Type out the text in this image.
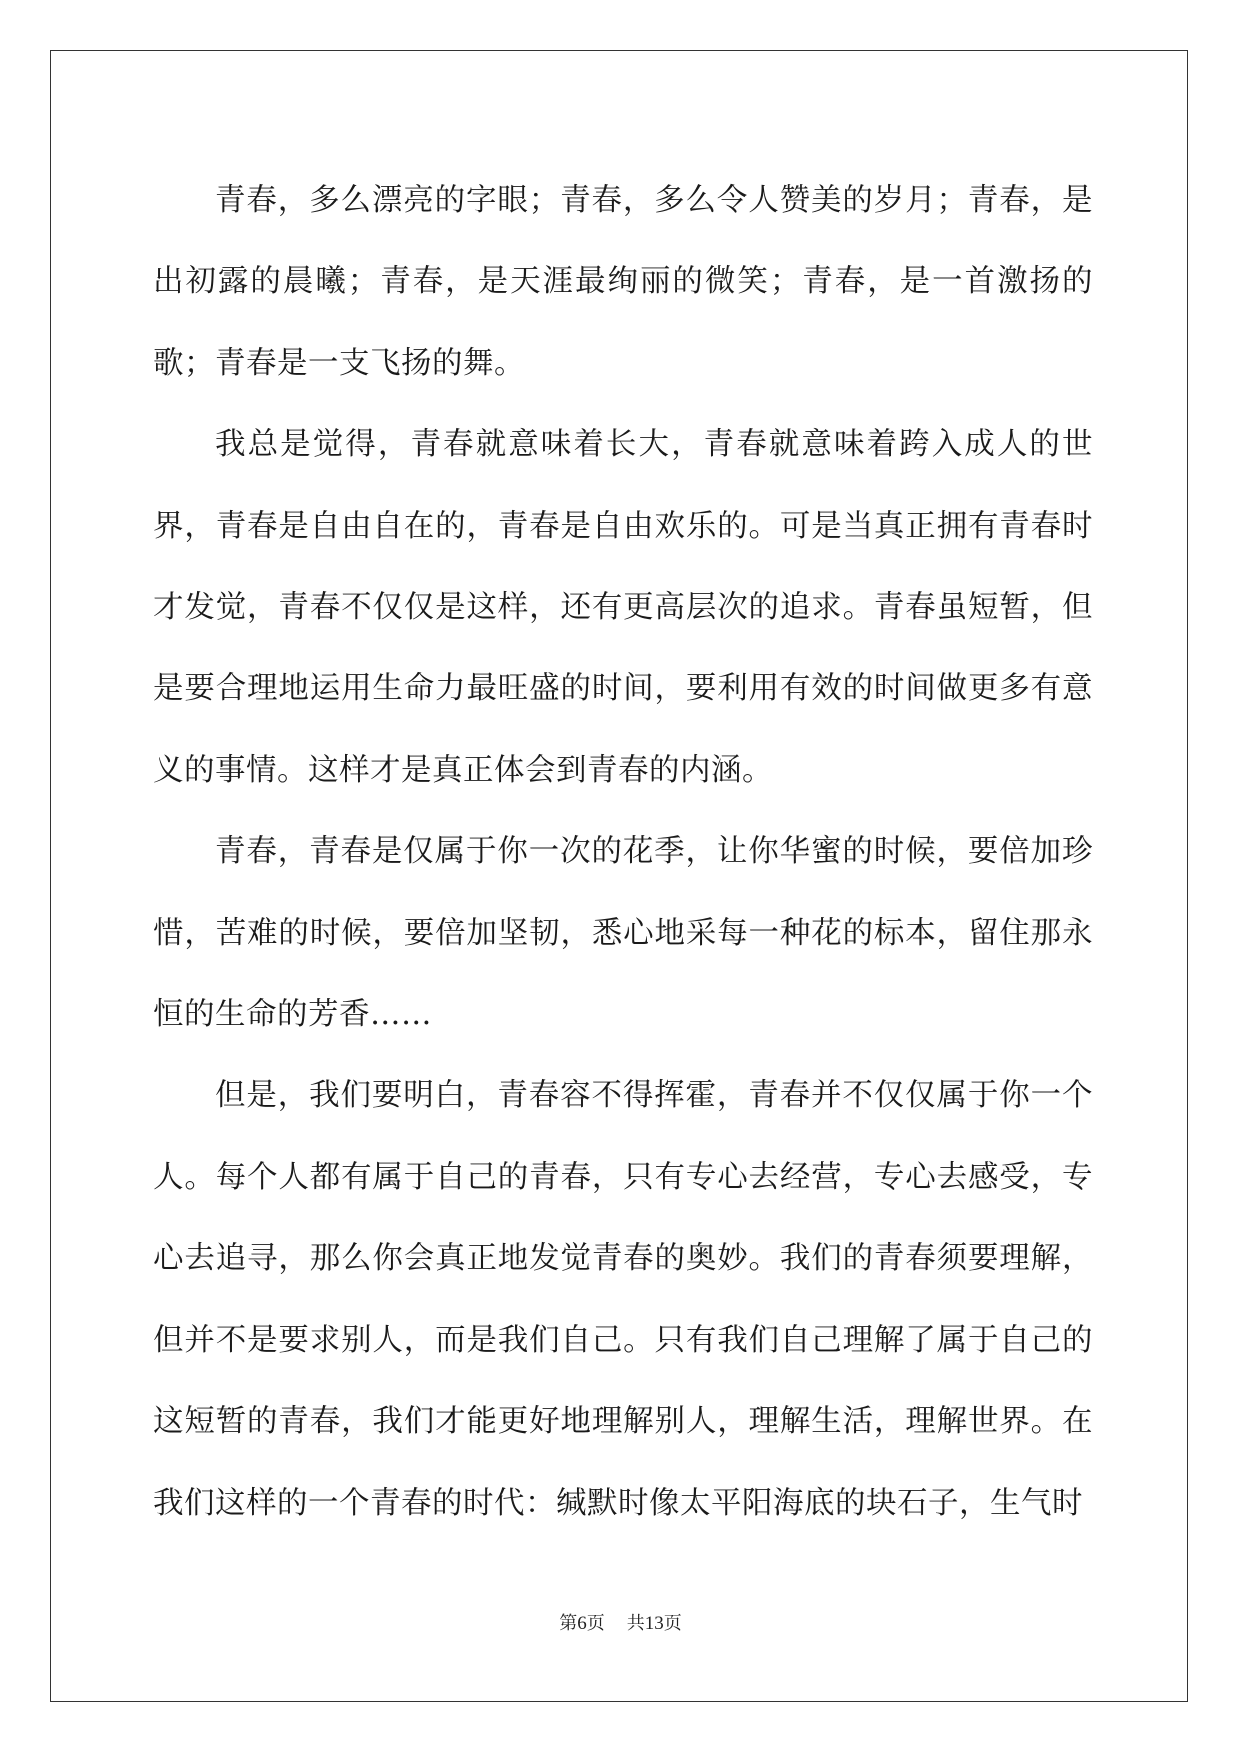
青春，多么漂亮的字眼；青春，多么令人赞美的岁月；青春，是出初露的晨曦；青春，是天涯最绚丽的微笑；青春，是一首激扬的歌；青春是一支飞扬的舞。

我总是觉得，青春就意味着长大，青春就意味着跨入成人的世界，青春是自由自在的，青春是自由欢乐的。可是当真正拥有青春时才发觉，青春不仅仅是这样，还有更高层次的追求。青春虽短暂，但是要合理地运用生命力最旺盛的时间，要利用有效的时间做更多有意义的事情。这样才是真正体会到青春的内涵。

青春，青春是仅属于你一次的花季，让你华蜜的时候，要倍加珍惜，苦难的时候，要倍加坚韧，悉心地采每一种花的标本，留住那永恒的生命的芳香……

但是，我们要明白，青春容不得挥霍，青春并不仅仅属于你一个人。每个人都有属于自己的青春，只有专心去经营，专心去感受，专心去追寻，那么你会真正地发觉青春的奥妙。我们的青春须要理解，但并不是要求别人，而是我们自己。只有我们自己理解了属于自己的这短暂的青春，我们才能更好地理解别人，理解生活，理解世界。在我们这样的一个青春的时代：缄默时像太平阳海底的块石子，生气时

第6页 共13页
